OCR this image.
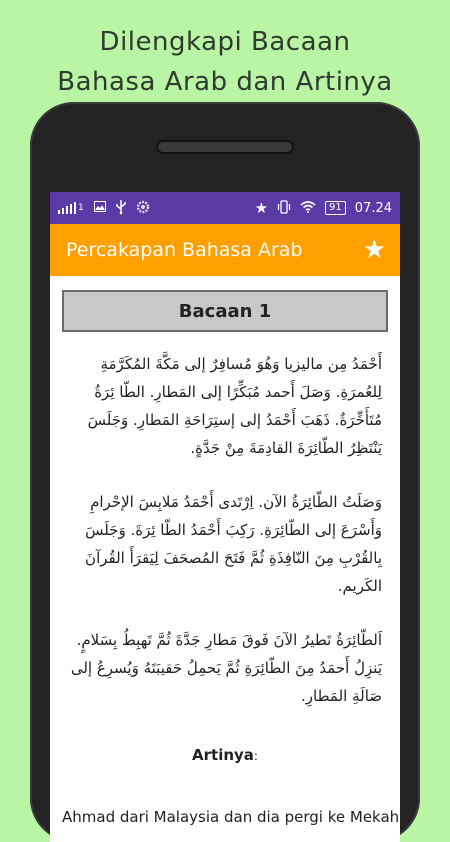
Dilengkapi Bacaan
Bahasa Arab dan Artinya
1	★	91	07.24
Percakapan Bahasa Arab	★
Bacaan 1

أَحْمَدُ مِن ماليزيا وَهُوَ مُسافِرٌ إلى مَكَّةَ المُكَرَّمَةِ لِلعُمرَةِ. وَصَلَ أَحمد مُبَكِّرًا إلى المَطارِ. الطّا ئِرَةُ مُتَأَخِّرَةٌ. ذَهَبَ أَحْمَدُ إلى إستِرَاحَةِ المَطارِ. وَجَلَسَ يَنْتَظِرُ الطّائِرَةَ القادِمَةَ مِنْ جَدَّةٍ.

وَصَلَتُ الطّائِرَةُ الآن. اِرْتَدى أَحْمَدُ مَلابِسَ الإحْرامِ وَأَسْرَعَ إلى الطّائِرَةِ. رَكِبَ أَحْمَدُ الطّا ئِرَةَ. وَجَلَسَ بِالقُرْبِ مِنَ النّافِذَةِ ثُمَّ فَتَحَ المُصحَفَ لِيَقرَأَ القُرآنَ الكَريم.

اَلطّائِرَةُ تَطيرُ الآنَ فَوقَ مَطارِ جَدَّةَ ثُمَّ تَهبِطُ بِسَلامٍ. يَنزِلُ أَحمَدُ مِنَ الطّائِرَةِ ثُمَّ يَحمِلُ حَقيبَتَهُ وَيُسرِعُ إلى صَالَةِ المَطارِ.

Artinya:
Ahmad dari Malaysia dan dia pergi ke Mekah
